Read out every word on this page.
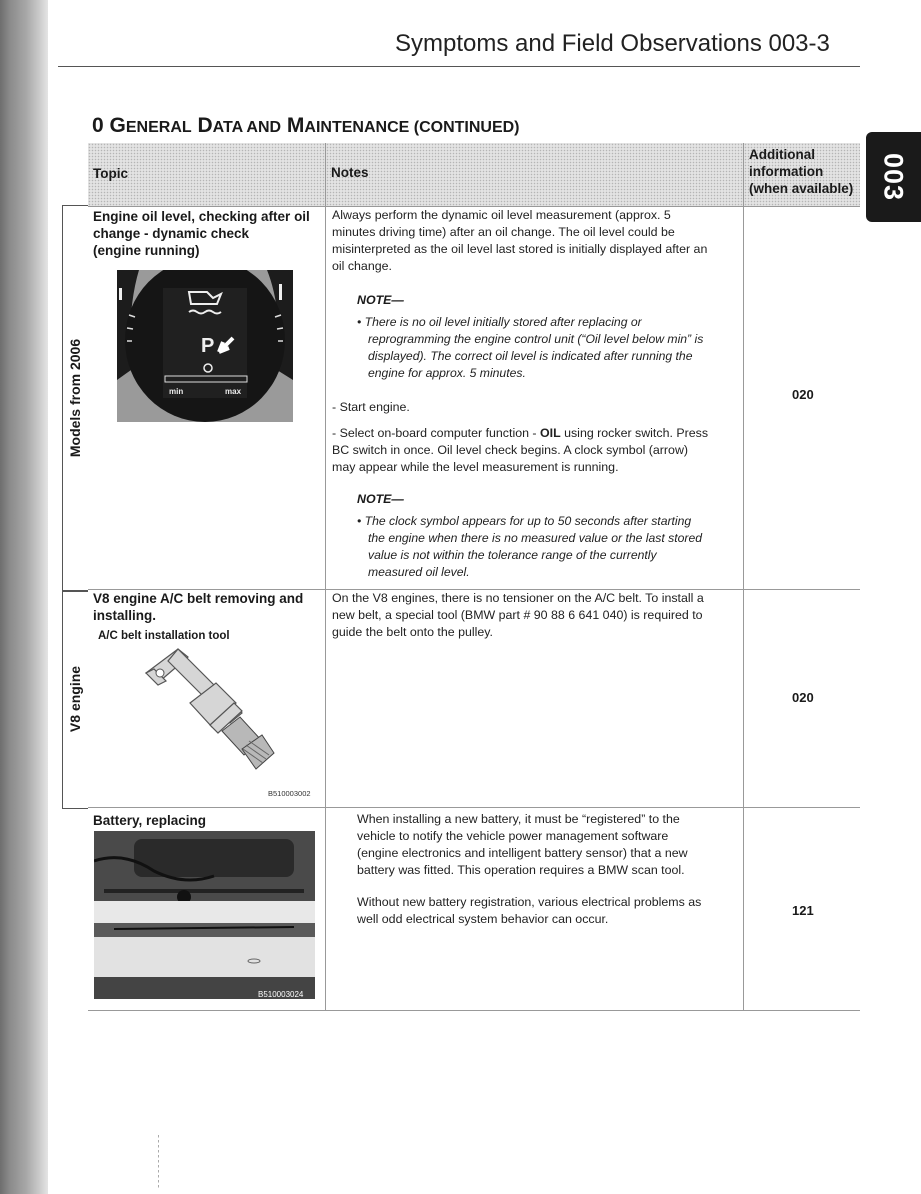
Symptoms and Field Observations 003-3
0 GENERAL DATA AND MAINTENANCE (CONTINUED)
003
Topic	Notes
Additional
information
(when available)
Models from 2006
V8 engine
Engine oil level, checking after oil
change - dynamic check
(engine running)
P
min	max
Always perform the dynamic oil level measurement (approx. 5
minutes driving time) after an oil change. The oil level could be
misinterpreted as the oil level last stored is initially displayed after an
oil change.
NOTE—
• There is no oil level initially stored after replacing or
reprogramming the engine control unit (“Oil level below min” is
displayed). The correct oil level is indicated after running the
engine for approx. 5 minutes.
- Start engine.
- Select on-board computer function - OIL using rocker switch. Press
BC switch in once. Oil level check begins. A clock symbol (arrow)
may appear while the level measurement is running.
NOTE—
• The clock symbol appears for up to 50 seconds after starting
the engine when there is no measured value or the last stored
value is not within the tolerance range of the currently
measured oil level.
020
V8 engine A/C belt removing and
installing.
A/C belt installation tool
B510003002
On the V8 engines, there is no tensioner on the A/C belt. To install a
new belt, a special tool (BMW part # 90 88 6 641 040) is required to
guide the belt onto the pulley.
020
Battery, replacing
B510003024
When installing a new battery, it must be “registered” to the
vehicle to notify the vehicle power management software
(engine electronics and intelligent battery sensor) that a new
battery was fitted. This operation requires a BMW scan tool.
Without new battery registration, various electrical problems as
well odd electrical system behavior can occur.
121
